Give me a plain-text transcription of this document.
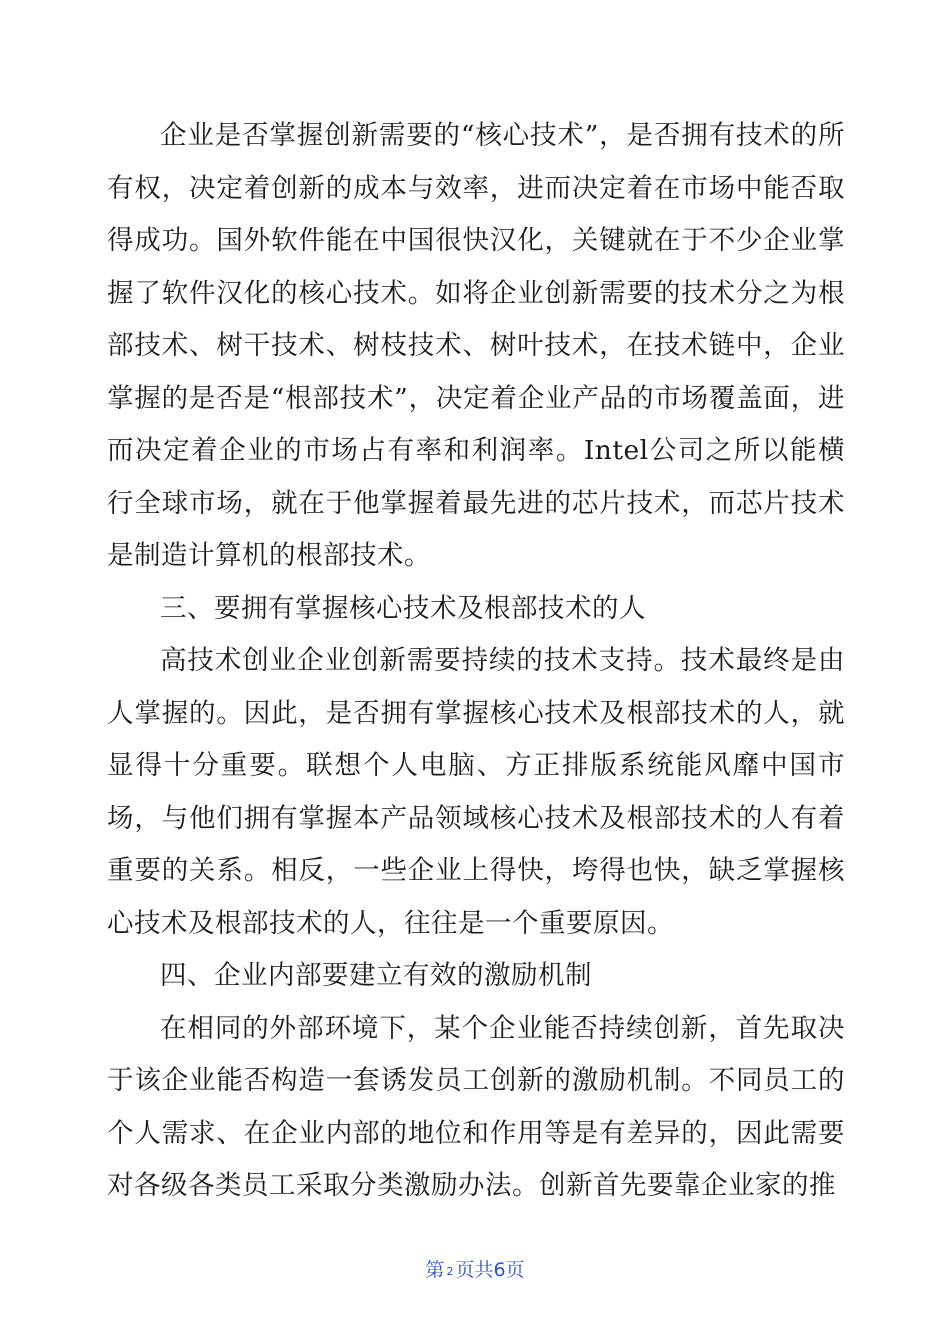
企业是否掌握创新需要的“核心技术”，是否拥有技术的所有权，决定着创新的成本与效率，进而决定着在市场中能否取得成功。国外软件能在中国很快汉化，关键就在于不少企业掌握了软件汉化的核心技术。如将企业创新需要的技术分之为根部技术、树干技术、树枝技术、树叶技术，在技术链中，企业掌握的是否是“根部技术”，决定着企业产品的市场覆盖面，进而决定着企业的市场占有率和利润率。Intel公司之所以能横行全球市场，就在于他掌握着最先进的芯片技术，而芯片技术是制造计算机的根部技术。

三、要拥有掌握核心技术及根部技术的人

高技术创业企业创新需要持续的技术支持。技术最终是由人掌握的。因此，是否拥有掌握核心技术及根部技术的人，就显得十分重要。联想个人电脑、方正排版系统能风靡中国市场，与他们拥有掌握本产品领域核心技术及根部技术的人有着重要的关系。相反，一些企业上得快，垮得也快，缺乏掌握核心技术及根部技术的人，往往是一个重要原因。

四、企业内部要建立有效的激励机制

在相同的外部环境下，某个企业能否持续创新，首先取决于该企业能否构造一套诱发员工创新的激励机制。不同员工的个人需求、在企业内部的地位和作用等是有差异的，因此需要对各级各类员工采取分类激励办法。创新首先要靠企业家的推

第 2 页共6页
